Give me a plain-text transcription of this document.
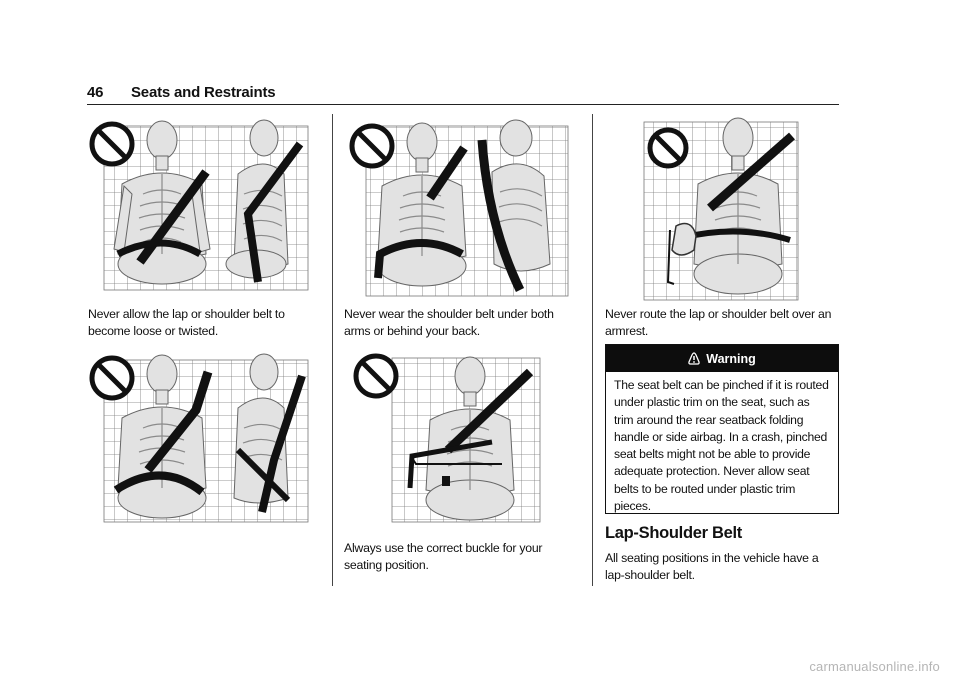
46 Seats and Restraints
Never allow the lap or shoulder belt to become loose or twisted.
Never wear the shoulder belt under both arms or behind your back.
Always use the correct buckle for your seating position.
Never route the lap or shoulder belt over an armrest.
Warning
The seat belt can be pinched if it is routed under plastic trim on the seat, such as trim around the rear seatback folding handle or side airbag. In a crash, pinched seat belts might not be able to provide adequate protection. Never allow seat belts to be routed under plastic trim pieces.
Lap-Shoulder Belt
All seating positions in the vehicle have a lap-shoulder belt.
carmanualsonline.info
